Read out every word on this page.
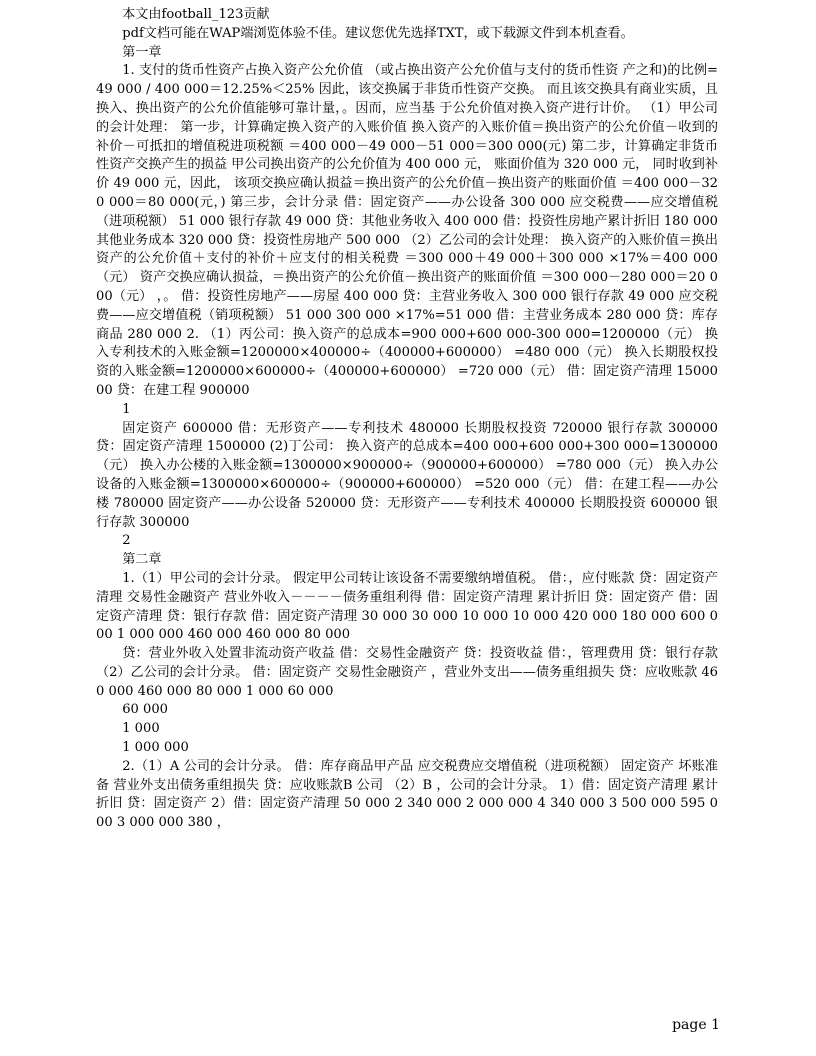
本文由football_123贡献

pdf文档可能在WAP端浏览体验不佳。建议您优先选择TXT，或下载源文件到本机查看。

第一章

1. 支付的货币性资产占换入资产公允价值 （或占换出资产公允价值与支付的货币性资 产之和)的比例= 49 000 / 400 000＝12.25%＜25% 因此，该交换属于非货币性资产交换。 而且该交换具有商业实质，且换入、换出资产的公允价值能够可靠计量，。因而，应当基 于公允价值对换入资产进行计价。 （1）甲公司的会计处理： 第一步，计算确定换入资产的入账价值 换入资产的入账价值＝换出资产的公允价值－收到的补价－可抵扣的增值税进项税额 ＝400 000－49 000－51 000＝300 000(元) 第二步，计算确定非货币性资产交换产生的损益 甲公司换出资产的公允价值为 400 000 元， 账面价值为 320 000 元， 同时收到补价 49 000 元，因此， 该项交换应确认损益＝换出资产的公允价值－换出资产的账面价值 ＝400 000－320 000＝80 000(元，) 第三步，会计分录 借：固定资产——办公设备 300 000 应交税费——应交增值税（进项税额） 51 000 银行存款 49 000 贷：其他业务收入 400 000 借：投资性房地产累计折旧 180 000 其他业务成本 320 000 贷：投资性房地产 500 000 （2）乙公司的会计处理： 换入资产的入账价值＝换出资产的公允价值＋支付的补价＋应支付的相关税费 ＝300 000＋49 000＋300 000 ×17%＝400 000（元） 资产交换应确认损益，＝换出资产的公允价值－换出资产的账面价值 ＝300 000－280 000＝20 000（元） ，。 借：投资性房地产——房屋 400 000 贷：主营业务收入 300 000 银行存款 49 000 应交税费——应交增值税（销项税额） 51 000 300 000 ×17%=51 000 借：主营业务成本 280 000 贷：库存商品 280 000 2. （1）丙公司：换入资产的总成本=900 000+600 000-300 000=1200000（元） 换入专利技术的入账金额=1200000×400000÷（400000+600000） =480 000（元） 换入长期股权投资的入账金额=1200000×600000÷（400000+600000） =720 000（元） 借：固定资产清理 1500000 贷：在建工程 900000

1

固定资产 600000 借：无形资产——专利技术 480000 长期股权投资 720000 银行存款 300000 贷：固定资产清理 1500000 (2)丁公司： 换入资产的总成本=400 000+600 000+300 000=1300000（元） 换入办公楼的入账金额=1300000×900000÷（900000+600000） =780 000（元） 换入办公设备的入账金额=1300000×600000÷（900000+600000） =520 000（元） 借：在建工程——办公楼 780000 固定资产——办公设备 520000 贷：无形资产——专利技术 400000 长期股投资 600000 银行存款 300000

2

第二章

1.（1）甲公司的会计分录。 假定甲公司转让该设备不需要缴纳增值税。 借：，应付账款 贷：固定资产清理 交易性金融资产 营业外收入－－－－债务重组利得 借：固定资产清理 累计折旧 贷：固定资产 借：固定资产清理 贷：银行存款 借：固定资产清理 30 000 30 000 10 000 10 000 420 000 180 000 600 000 1 000 000 460 000 460 000 80 000

贷：营业外收入处置非流动资产收益 借：交易性金融资产 贷：投资收益 借：，管理费用 贷：银行存款 （2）乙公司的会计分录。 借：固定资产 交易性金融资产 ，营业外支出——债务重组损失 贷：应收账款 460 000 460 000 80 000 1 000 60 000

60 000

1 000

1 000 000

2.（1）A 公司的会计分录。 借：库存商品甲产品 应交税费应交增值税（进项税额） 固定资产 坏账准备 营业外支出债务重组损失 贷：应收账款B 公司 （2）B ，公司的会计分录。 1）借：固定资产清理 累计折旧 贷：固定资产 2）借：固定资产清理 50 000 2 340 000 2 000 000 4 340 000 3 500 000 595 000 3 000 000 380 ，

page 1
